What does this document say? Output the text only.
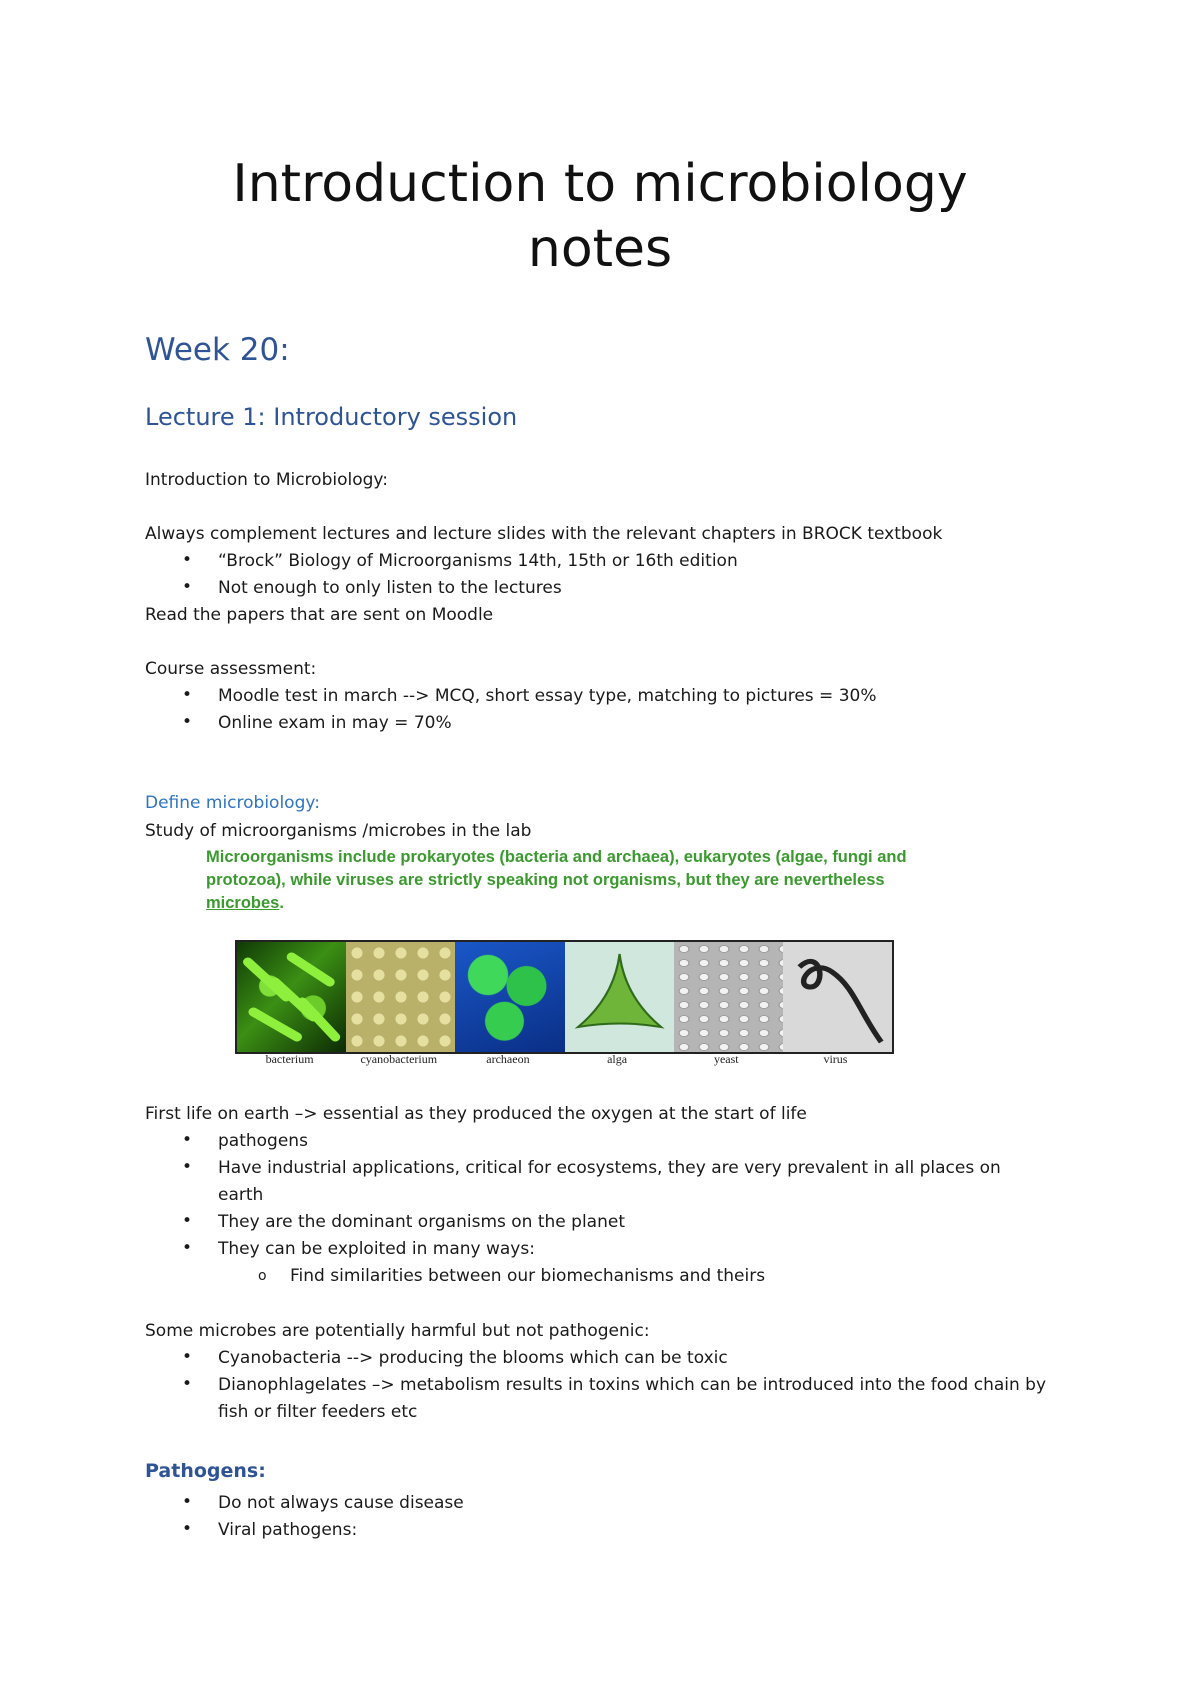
Introduction to microbiology
notes
Week 20:
Lecture 1: Introductory session

Introduction to Microbiology:

Always complement lectures and lecture slides with the relevant chapters in BROCK textbook

• “Brock” Biology of Microorganisms 14th, 15th or 16th edition

• Not enough to only listen to the lectures

Read the papers that are sent on Moodle

Course assessment:

• Moodle test in march --> MCQ, short essay type, matching to pictures = 30%

• Online exam in may = 70%

Define microbiology:

Study of microorganisms /microbes in the lab

Microorganisms include prokaryotes (bacteria and archaea), eukaryotes (algae, fungi and protozoa), while viruses are strictly speaking not organisms, but they are nevertheless microbes.

bacterium	cyanobacterium	archaeon	alga	yeast	virus

First life on earth –> essential as they produced the oxygen at the start of life

• pathogens

• Have industrial applications, critical for ecosystems, they are very prevalent in all places on earth

• They are the dominant organisms on the planet

• They can be exploited in many ways:

o Find similarities between our biomechanisms and theirs

Some microbes are potentially harmful but not pathogenic:

• Cyanobacteria --> producing the blooms which can be toxic

• Dianophlagelates –> metabolism results in toxins which can be introduced into the food chain by fish or filter feeders etc

Pathogens:

• Do not always cause disease

• Viral pathogens:
